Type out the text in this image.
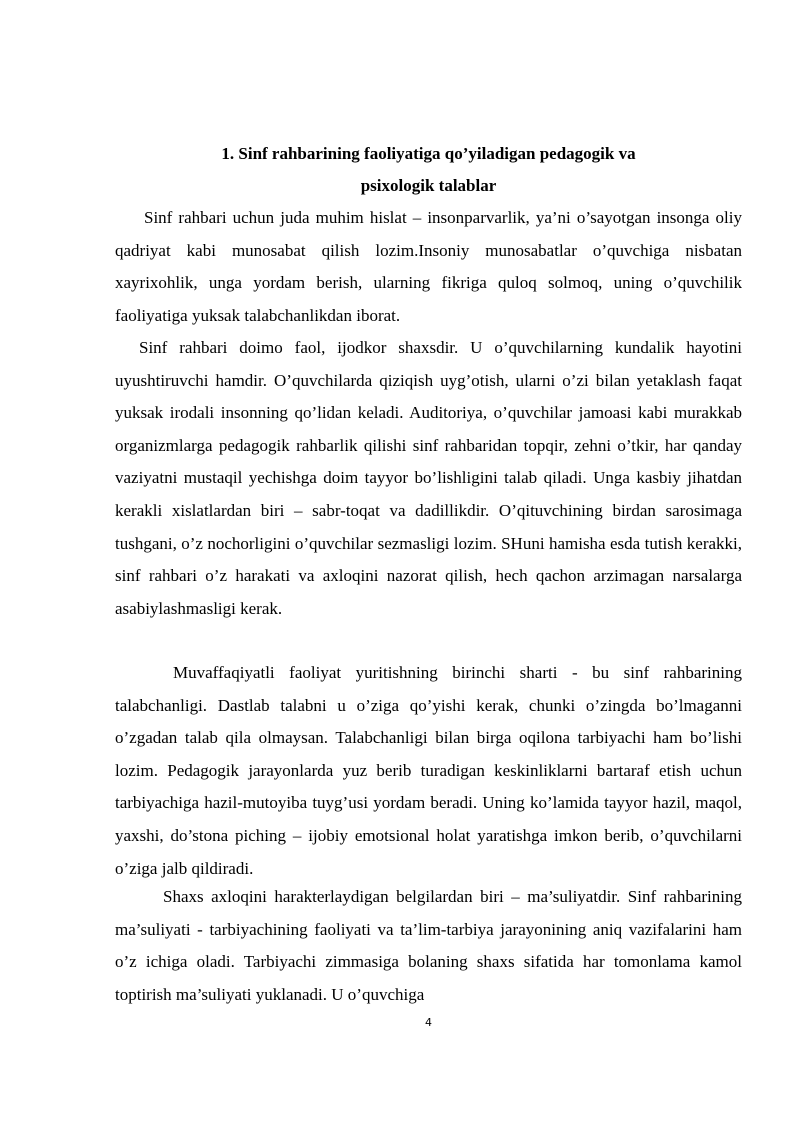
1. Sinf rahbarining faoliyatiga qo’yiladigan pedagogik va
psixologik talablar

Sinf rahbari uchun juda muhim hislat – insonparvarlik, ya’ni o’sayotgan insonga oliy qadriyat kabi munosabat qilish lozim.Insoniy munosabatlar o’quvchiga nisbatan xayrixohlik, unga yordam berish, ularning fikriga quloq solmoq, uning o’quvchilik faoliyatiga yuksak talabchanlikdan iborat.

Sinf rahbari doimo faol, ijodkor shaxsdir. U o’quvchilarning kundalik hayotini uyushtiruvchi hamdir. O’quvchilarda qiziqish uyg’otish, ularni o’zi bilan yetaklash faqat yuksak irodali insonning qo’lidan keladi. Auditoriya, o’quvchilar jamoasi kabi murakkab organizmlarga pedagogik rahbarlik qilishi sinf rahbaridan topqir, zehni o’tkir, har qanday vaziyatni mustaqil yechishga doim tayyor bo’lishligini talab qiladi. Unga kasbiy jihatdan kerakli xislatlardan biri – sabr-toqat va dadillikdir. O’qituvchining birdan sarosimaga tushgani, o’z nochorligini o’quvchilar sezmasligi lozim. SHuni hamisha esda tutish kerakki, sinf rahbari o’z harakati va axloqini nazorat qilish, hech qachon arzimagan narsalarga asabiylashmasligi kerak.

Muvaffaqiyatli faoliyat yuritishning birinchi sharti - bu sinf rahbarining talabchanligi. Dastlab talabni u o’ziga qo’yishi kerak, chunki o’zingda bo’lmaganni o’zgadan talab qila olmaysan. Talabchanligi bilan birga oqilona tarbiyachi ham bo’lishi lozim. Pedagogik jarayonlarda yuz berib turadigan keskinliklarni bartaraf etish uchun tarbiyachiga hazil-mutoyiba tuyg’usi yordam beradi. Uning ko’lamida tayyor hazil, maqol, yaxshi, do’stona piching – ijobiy emotsional holat yaratishga imkon berib, o’quvchilarni o’ziga jalb qildiradi.

Shaxs axloqini harakterlaydigan belgilardan biri – ma’suliyatdir. Sinf rahbarining ma’suliyati - tarbiyachining faoliyati va ta’lim-tarbiya jarayonining aniq vazifalarini ham o’z ichiga oladi. Tarbiyachi zimmasiga bolaning shaxs sifatida har tomonlama kamol toptirish ma’suliyati yuklanadi. U o’quvchiga

4
